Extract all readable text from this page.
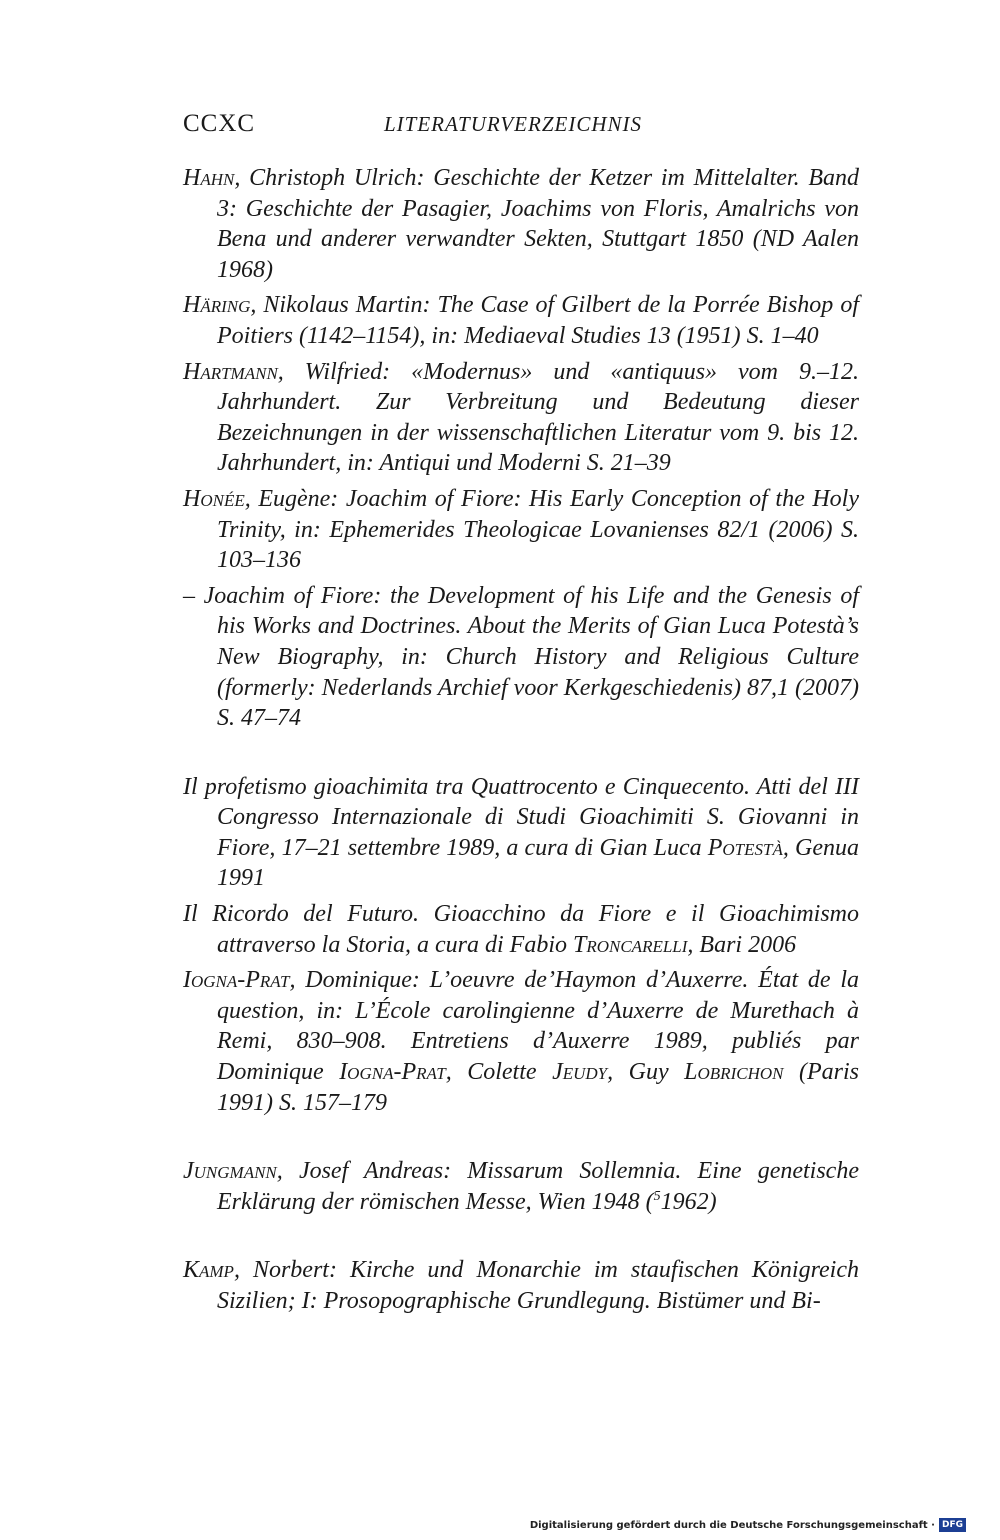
CCXC	LITERATURVERZEICHNIS

Hahn, Christoph Ulrich: Geschichte der Ketzer im Mittelalter. Band 3: Geschichte der Pasagier, Joachims von Floris, Amalrichs von Bena und anderer verwandter Sekten, Stuttgart 1850 (ND Aalen 1968)

Häring, Nikolaus Martin: The Case of Gilbert de la Porrée Bishop of Poitiers (1142–1154), in: Mediaeval Studies 13 (1951) S. 1–40

Hartmann, Wilfried: «Modernus» und «antiquus» vom 9.–12. Jahrhundert. Zur Verbreitung und Bedeutung dieser Bezeichnungen in der wissenschaftlichen Literatur vom 9. bis 12. Jahrhundert, in: Antiqui und Moderni S. 21–39

Honée, Eugène: Joachim of Fiore: His Early Conception of the Holy Trinity, in: Ephemerides Theologicae Lovanienses 82/1 (2006) S. 103–136

– Joachim of Fiore: the Development of his Life and the Genesis of his Works and Doctrines. About the Merits of Gian Luca Potestà’s New Biography, in: Church History and Religious Culture (formerly: Nederlands Archief voor Kerkgeschiedenis) 87,1 (2007) S. 47–74

Il profetismo gioachimita tra Quattrocento e Cinquecento. Atti del III Congresso Internazionale di Studi Gioachimiti S. Giovanni in Fiore, 17–21 settembre 1989, a cura di Gian Luca Potestà, Genua 1991

Il Ricordo del Futuro. Gioacchino da Fiore e il Gioachimismo attraverso la Storia, a cura di Fabio Troncarelli, Bari 2006

Iogna-Prat, Dominique: L’oeuvre de’Haymon d’Auxerre. État de la question, in: L’École carolingienne d’Auxerre de Murethach à Remi, 830–908. Entretiens d’Auxerre 1989, publiés par Dominique Iogna-Prat, Colette Jeudy, Guy Lobrichon (Paris 1991) S. 157–179

Jungmann, Josef Andreas: Missarum Sollemnia. Eine genetische Erklärung der römischen Messe, Wien 1948 ($^5$1962)

Kamp, Norbert: Kirche und Monarchie im staufischen Königreich Sizilien; I: Prosopographische Grundlegung. Bistümer und Bi-

Digitalisierung gefördert durch die Deutsche Forschungsgemeinschaft · DFG
